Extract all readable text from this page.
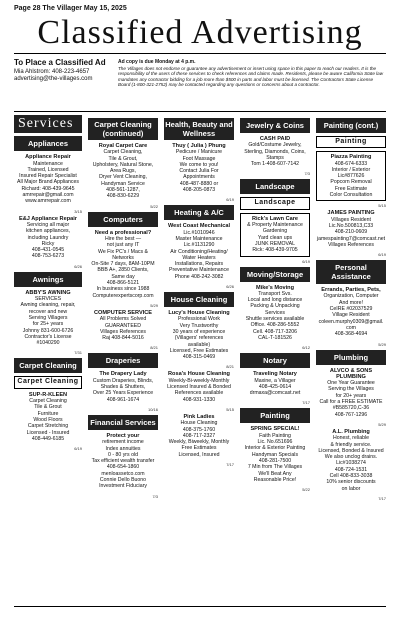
Page 28 The Villager May 15, 2025
Classified Advertising
To Place a Classified Ad
Mia Ahlstrom: 408-223-4657
advertising@the-villages.com
Ad copy is due Monday at 4 p.m.
The Villages does not endorse or guarantee any advertisement or insert using space in this paper to reach our readers. It is the responsibility of the users of these services to check references and claims made. Residents, please be aware California State law mandates any contractor bidding for a job more than $500 in parts and labor must be licensed. The Contractors State License Board (1-800-321-2752) may be contacted regarding any questions or concerns about a contractor.
Services
Appliances
Appliance Repair
Maintenance
Trained, Licensed
Insured Repair Specialist
All Major Brand Appliances
Richard: 408-439-9645
amrrepair@gmail.com
www.amrrepair.com
3/15
E&J Appliance Repair
Servicing all major
kitchen appliances,
including Laundry
Ricky
408-431-0545
408-753-6273
6/26
Awnings
ABBY'S AWNING
SERVICES
Awning cleaning, repair,
recover and new
Serving Villagers
for 25+ years
Johnny 831-600-6726
Contractor's License
#1040290
7/31
Carpet Cleaning
Carpet Cleaning
SUP-R-KLEEN
Carpet Cleaning
Tile & Grout
Furniture
Wood Floors
Carpet Stretching
Licensed - Insured
408-449-6185
6/19
Carpet Cleaning (continued)
Royal Carpet Care
Carpet Cleaning,
Tile & Grout,
Upholstery, Natural Stone,
Area Rugs,
Dryer Vent Cleaning,
Handyman Service
408-561-1287,
408-830-6229
5/22
Computers
Need a professional?
Hire the best —
not just any IT
We Fix PC's / Macs &
Networks
On-Site 7 days, 8AM-10PM
BBB A+, 2850 Clients,
Same day
408-866-5121
In business since 1988
Computerexpertscorp.com
5/29
COMPUTER SERVICE
All Problems Solved
GUARANTEED
Villages References
Raj 408-844-5016
8/21
Draperies
The Drapery Lady
Custom Draperies, Blinds,
Shades & Shutters,
Over 25 Years Experience
408-961-1674
10/16
Financial Services
Protect your
retirement income
Index annuities
0 - 80 yrs old
Tax efficient wealth transfer
408-654-1860
menloassetco.com
Connie Dello Buono
Investment Fiduciary
7/3
Health, Beauty and Wellness
Thuy ( Julia ) Phung
Pedicure / Manicure
Foot Massage
We come to you!
Contact Julia For
Appointments
408-487-8880 or
408-205-0873
6/19
Heating & A/C
West Coast Mechanical
Lic.#1010946
Master Maintenance
Lic.#1131290
Air Conditioning/Heating/
Water Heaters
Installations, Repairs
Preventative Maintenance
Phone 408-242-3082
6/26
House Cleaning
Lucy's House Cleaning
Professional Work
Very Trustworthy
30 years of experience
(Villagers' references
available)
Licensed, Free Estimates
408-315-0469
8/21
Rosa's House Cleaning
Weekly-Bi-weekly-Monthly
Licensed Insured & Bonded
References available
408-931-1330
5/15
Pink Ladies
House Cleaning
408-375-1760
408-717-2327
Weekly, Biweekly, Monthly
Free Estimates
Licensed, Insured
7/17
Jewelry & Coins
CASH PAID
Gold/Costume Jewelry,
Sterling, Diamonds, Coins,
Stamps
Tom 1-408-607-7142
7/3
Landscape
Landscape
Rick's Lawn Care
& Property Maintenance
Gardening
Yard clean ups
JUNK REMOVAL
Rick: 408-439-9705
6/19
Moving/Storage
Mike's Moving
Transport Svs.
Local and long distance
Packing & Unpacking
Services
Shuttle services available
Office. 408-286-5552
Cell. 408-717-3206
CAL-T-181526
6/12
Notary
Traveling Notary
Maxine, a Villager
408-425-0614
drmaxa@comcast.net
7/17
Painting
SPRING SPECIAL!
Faith Painting
Lic. No.651696
Interior & Exterior Painting
Handyman Specials
408-281-7500
7 Min from The Villages
We'll Beat Any
Reasonable Price!
5/22
Painting (cont.)
Painting
Piazza Painting
408-674-6333
Interior / Exterior
Lic#877626
Popcorn Removal
Free Estimate
Color Consultation
5/15
JAMES PAINTING
Villages Resident
Lic.No.500813,C33
408-210-0609
jamespainting7@comcast.net
Villages References
6/19
Personal Assistance
Errands, Parties, Pets,
Organization, Computer
And more!
CeIRE #02037529
Village Resident
coleen.murphy0309@gmail.
com
408-368-4694
5/29
Plumbing
ALVCO & SONS PLUMBING
One Year Guarantee
Serving the Villages
for 20+ years
Call for a FREE ESTIMATE
#B585720,C-36
408-767-1296
5/29
A.L. Plumbing
Honest, reliable
& friendly service.
Licensed, Bonded & Insured
We also unclog drains.
Lic#1038274
408-724-1531
Cell 408-833-3038
10% senior discounts
on labor
7/17
